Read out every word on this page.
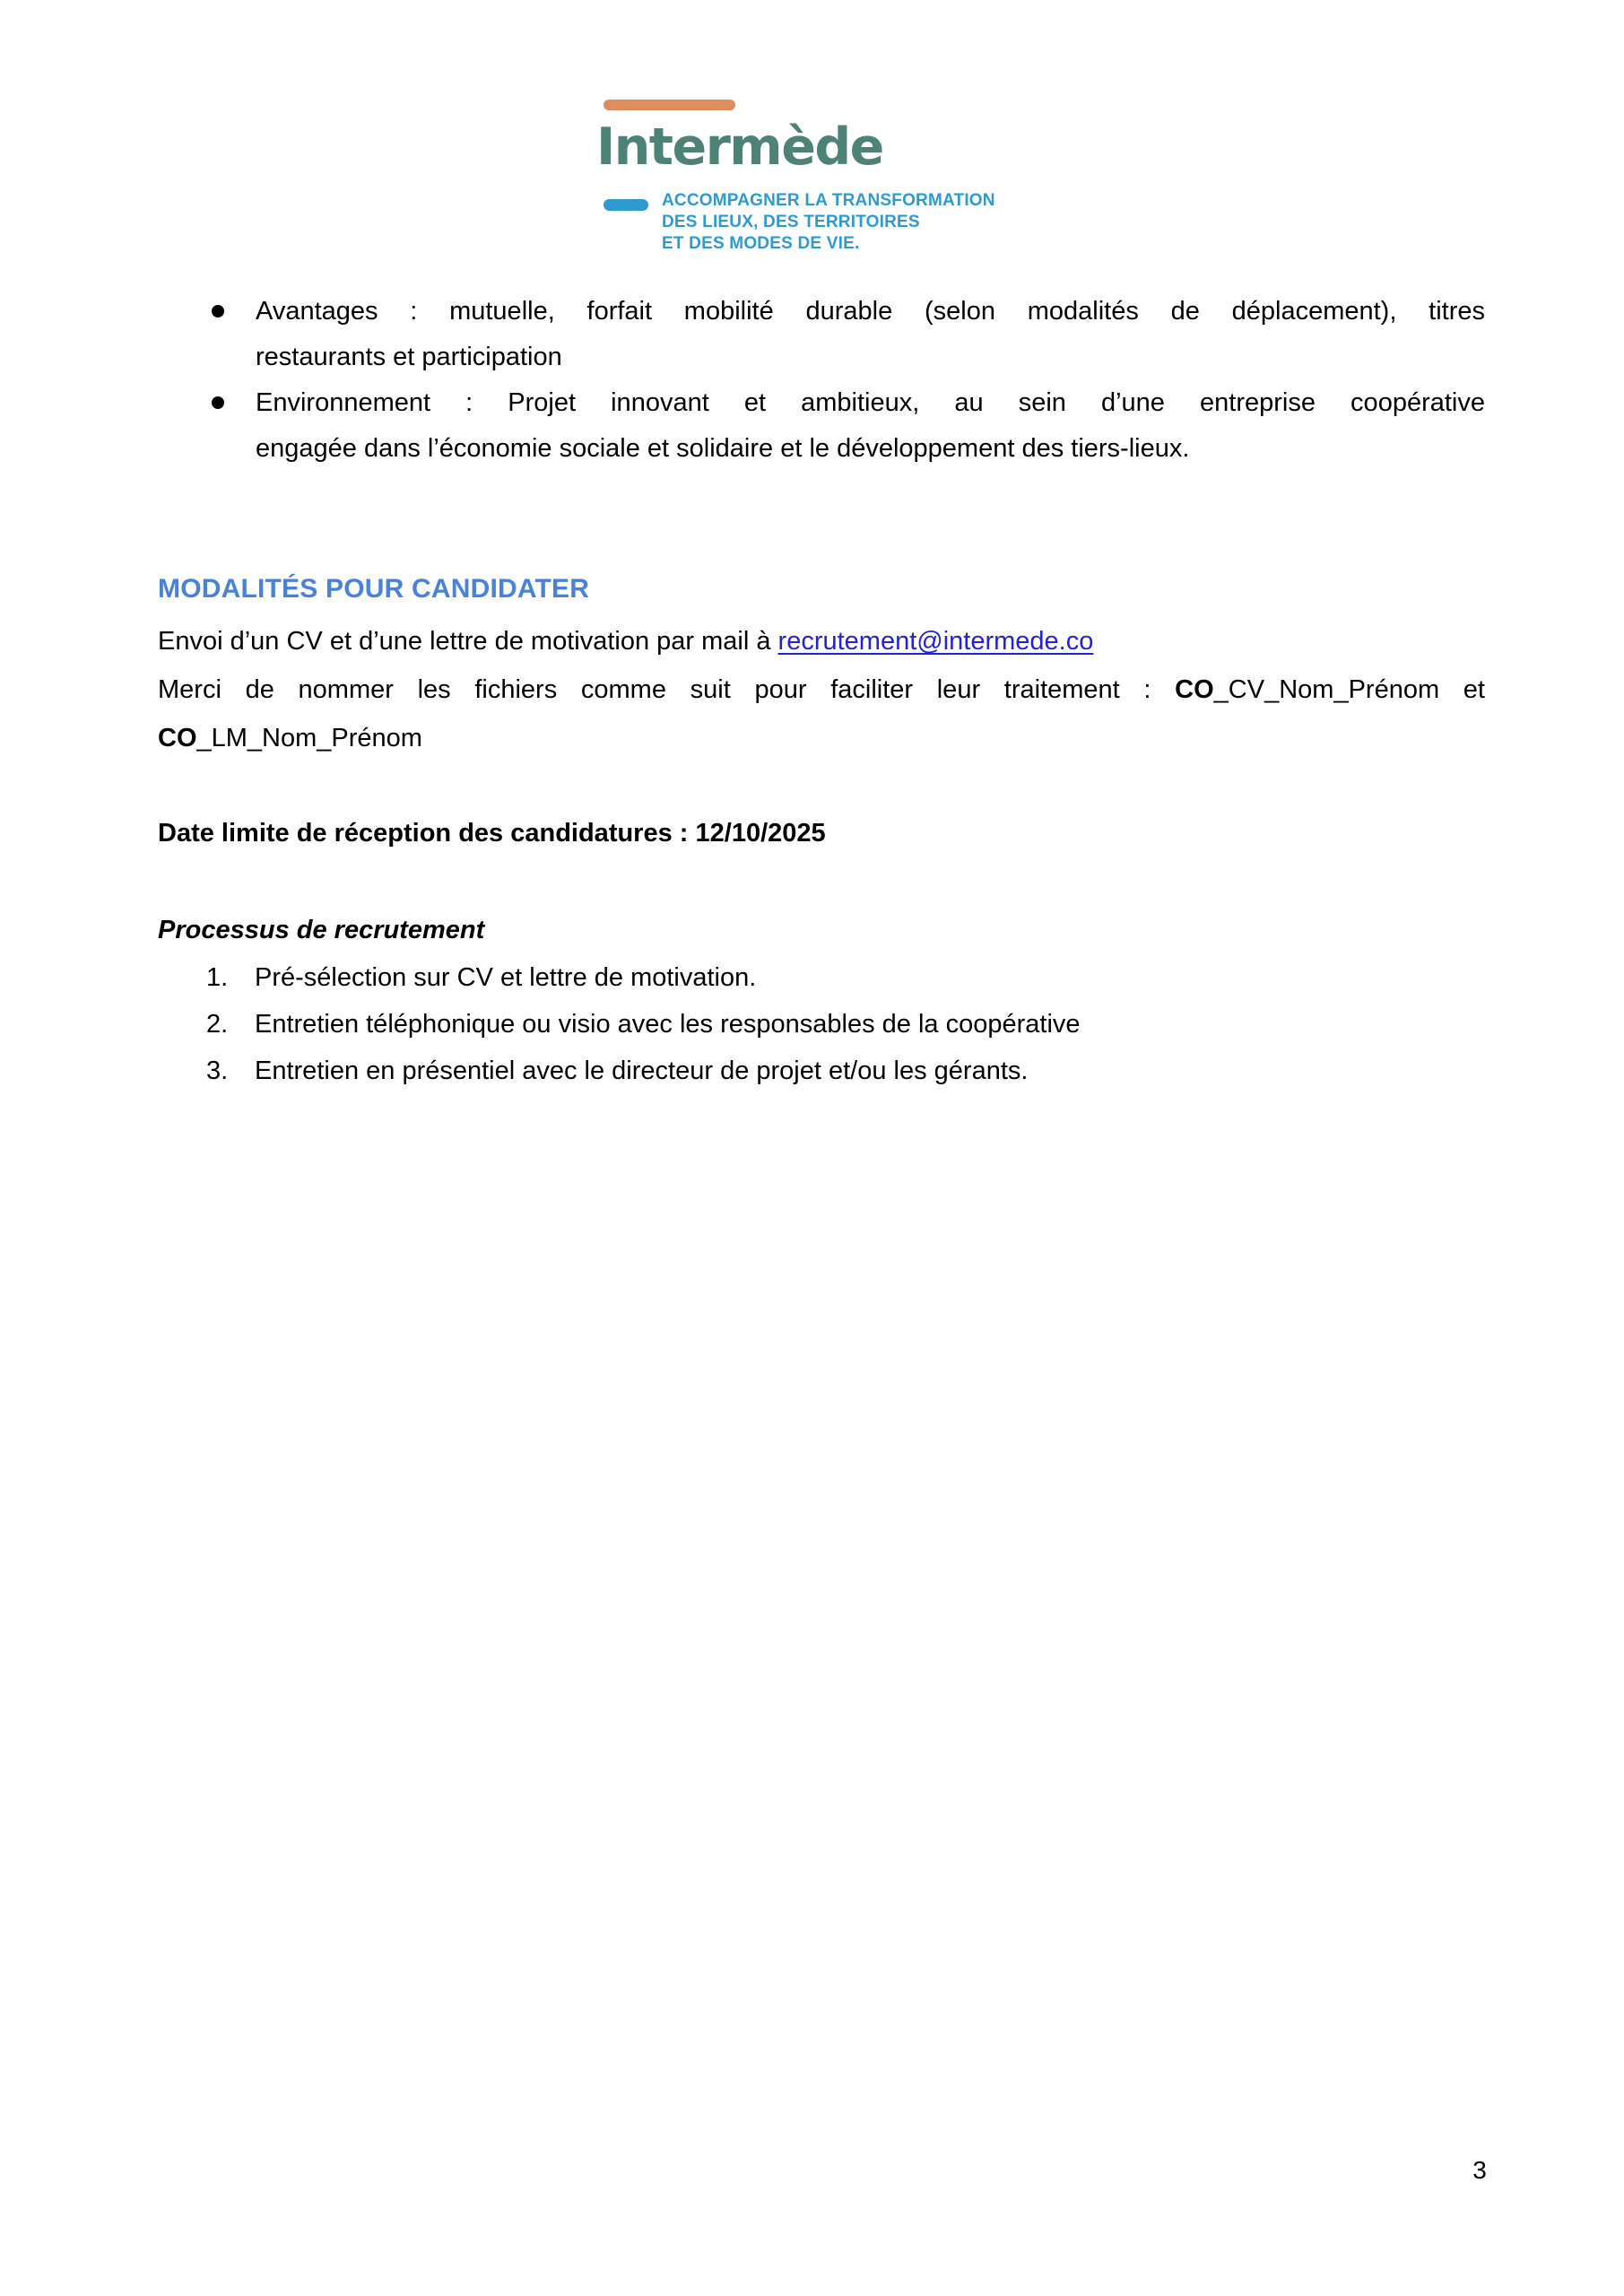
Intermède
ACCOMPAGNER LA TRANSFORMATION
DES LIEUX, DES TERRITOIRES
ET DES MODES DE VIE.
Avantages : mutuelle, forfait mobilité durable (selon modalités de déplacement), titres
restaurants et participation
Environnement : Projet innovant et ambitieux, au sein d’une entreprise coopérative
engagée dans l’économie sociale et solidaire et le développement des tiers-lieux.
MODALITÉS POUR CANDIDATER
Envoi d’un CV et d’une lettre de motivation par mail à recrutement@intermede.co
Merci de nommer les fichiers comme suit pour faciliter leur traitement : CO_CV_Nom_Prénom et
CO_LM_Nom_Prénom
Date limite de réception des candidatures : 12/10/2025
Processus de recrutement
1.	Pré-sélection sur CV et lettre de motivation.
2.	Entretien téléphonique ou visio avec les responsables de la coopérative
3.	Entretien en présentiel avec le directeur de projet et/ou les gérants.
3
